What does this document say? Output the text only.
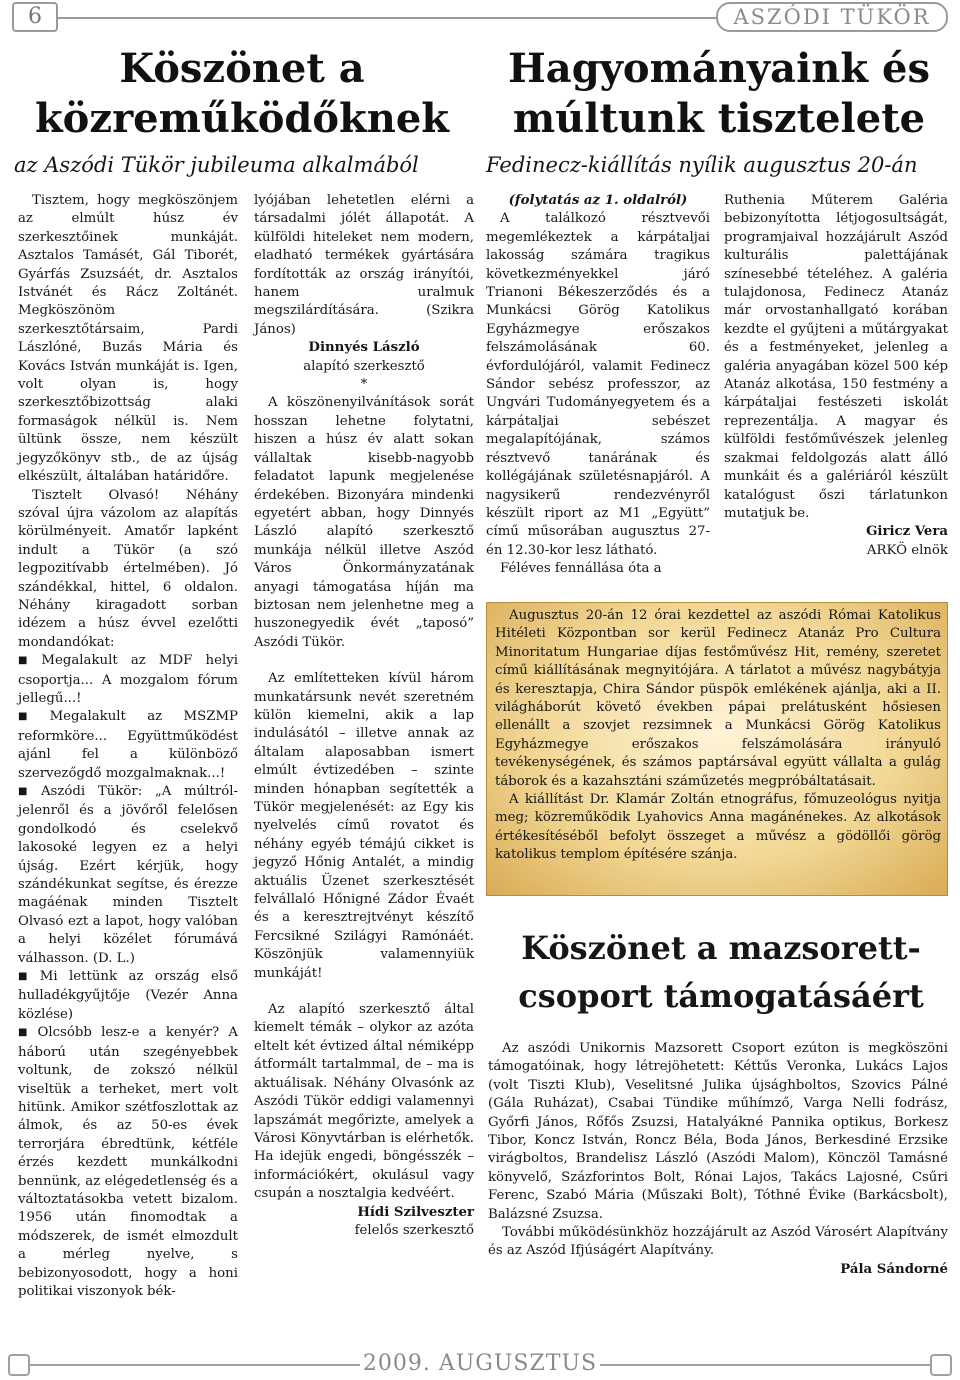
6	ASZÓDI TÜKÖR
Köszönet a közreműködőknek
Hagyományaink és múltunk tisztelete
az Aszódi Tükör jubileuma alkalmából	Fedinecz-kiállítás nyílik augusztus 20-án

Tisztem, hogy megköszönjem az elmúlt húsz év szerkesztőinek munkáját. Asztalos Tamásét, Gál Tiborét, Gyárfás Zsuzsáét, dr. Asztalos Istvánét és Rácz Zoltánét. Megköszönöm szerkesztőtársaim, Pardi Lászlóné, Buzás Mária és Kovács István munkáját is. Igen, volt olyan is, hogy szerkesztőbizottság alaki formaságok nélkül is. Nem ültünk össze, nem készült jegyzőkönyv stb., de az újság elkészült, általában határidőre.

Tisztelt Olvasó! Néhány szóval újra vázolom az alapítás körülményeit. Amatőr lapként indult a Tükör (a szó legpozitívabb értelmében). Jó szándékkal, hittel, 6 oldalon. Néhány kiragadott sorban idézem a húsz évvel ezelőtti mondandókat:

■ Megalakult az MDF helyi csoportja... A mozgalom fórum jellegű...!

■ Megalakult az MSZMP reformköre... Együttműködést ajánl fel a különböző szervezőgdő mozgalmaknak...!

■ Aszódi Tükör: „A múltról-jelenről és a jövőről felelősen gondolkodó és cselekvő lakosoké legyen ez a helyi újság. Ezért kérjük, hogy szándékunkat segítse, és érezze magáénak minden Tisztelt Olvasó ezt a lapot, hogy valóban a helyi közélet fórumává válhasson. (D. L.)

■ Mi lettünk az ország első hulladékgyűjtője (Vezér Anna közlése)

■ Olcsóbb lesz-e a kenyér? A háború után szegényebbek voltunk, de zokszó nélkül viseltük a terheket, mert volt hitünk. Amikor szétfoszlottak az álmok, és az 50-es évek terrorjára ébredtünk, kétféle érzés kezdett munkálkodni bennünk, az elégedetlenség és a változtatásokba vetett bizalom. 1956 után finomodtak a módszerek, de ismét elmozdult a mérleg nyelve, s bebizonyosodott, hogy a honi politikai viszonyok bék-

lyójában lehetetlen elérni a társadalmi jólét állapotát. A külföldi hiteleket nem modern, eladható termékek gyártására fordították az ország irányítói, hanem uralmuk megszilárdítására. (Szikra János)

Dinnyés László

alapító szerkesztő

*

A köszönenyilvánítások sorát hosszan lehetne folytatni, hiszen a húsz év alatt sokan vállaltak kisebb-nagyobb feladatot lapunk megjelenése érdekében. Bizonyára mindenki egyetért abban, hogy Dinnyés László alapító szerkesztő munkája nélkül illetve Aszód Város Önkormányzatának anyagi támogatása híján ma biztosan nem jelenhetne meg a huszonegyedik évét „taposó” Aszódi Tükör.

Az említetteken kívül három munkatársunk nevét szeretném külön kiemelni, akik a lap indulásától – illetve annak az általam alaposabban ismert elmúlt évtizedében – szinte minden hónapban segítették a Tükör megjelenését: az Egy kis nyelvelés című rovatot és néhány egyéb témájú cikket is jegyző Hőnig Antalét, a mindig aktuális Üzenet szerkesztését felvállaló Hőnigné Zádor Évaét és a keresztrejtvényt készítő Fercsikné Szilágyi Ramónáét. Köszönjük valamennyiük munkáját!

Az alapító szerkesztő által kiemelt témák – olykor az azóta eltelt két évtized által némiképp átformált tartalmmal, de – ma is aktuálisak. Néhány Olvasónk az Aszódi Tükör eddigi valamennyi lapszámát megőrizte, amelyek a Városi Könyvtárban is elérhetők. Ha idejük engedi, böngésszék – információkért, okulásul vagy csupán a nosztalgia kedvéért.

Hídi Szilveszter

felelős szerkesztő

(folytatás az 1. oldalról)

A találkozó résztvevői megemlékeztek a kárpátaljai lakosság számára tragikus következményekkel járó Trianoni Békeszerződés és a Munkácsi Görög Katolikus Egyházmegye erőszakos felszámolásának 60. évfordulójáról, valamit Fedinecz Sándor sebész professzor, az Ungvári Tudományegyetem és a kárpátaljai sebészet megalapítójának, számos résztvevő tanárának és kollégájának születésnapjáról. A nagysikerű rendezvényről készült riport az M1 „Együtt” című műsorában augusztus 27-én 12.30-kor lesz látható.

Féléves fennállása óta a

Ruthenia Műterem Galéria bebizonyította létjogosultságát, programjaival hozzájárult Aszód kulturális palettájának színesebbé tételéhez. A galéria tulajdonosa, Fedinecz Atanáz már orvostanhallgató korában kezdte el gyűjteni a műtárgyakat és a festményeket, jelenleg a galéria anyagában közel 500 kép Atanáz alkotása, 150 festmény a kárpátaljai festészeti iskolát reprezentálja. A magyar és külföldi festőművészek jelenleg szakmai feldolgozás alatt álló munkáit és a galériáról készült katalógust őszi tárlatunkon mutatjuk be.

Giricz Vera

ARKÖ elnök

Augusztus 20-án 12 órai kezdettel az aszódi Római Katolikus Hitéleti Központban sor kerül Fedinecz Atanáz Pro Cultura Minoritatum Hungariae díjas festőművész Hit, remény, szeretet című kiállításának megnyitójára. A tárlatot a művész nagybátyja és keresztapja, Chira Sándor püspök emlékének ajánlja, aki a II. világháborút követő években pápai prelátusként hősiesen ellenállt a szovjet rezsimnek a Munkácsi Görög Katolikus Egyházmegye erőszakos felszámolására irányuló tevékenységének, és számos paptársával együtt vállalta a gulág táborok és a kazahsztáni száműzetés megpróbáltatásait.

A kiállítást Dr. Klamár Zoltán etnográfus, főmuzeológus nyitja meg; közreműködik Lyahovics Anna magánénekes. Az alkotások értékesítéséből befolyt összeget a művész a gödöllői görög katolikus templom építésére szánja.

Köszönet a mazsorett-csoport támogatásáért

Az aszódi Unikornis Mazsorett Csoport ezúton is megköszöni támogatóinak, hogy létrejöhetett: Kéttűs Veronka, Lukács Lajos (volt Tiszti Klub), Veselitsné Julika újsághboltos, Szovics Pálné (Gála Ruházat), Csabai Tündike műhímző, Varga Nelli fodrász, Győrfi János, Rőfős Zsuzsi, Hatalyákné Pannika optikus, Borkesz Tibor, Koncz István, Roncz Béla, Boda János, Berkesdiné Erzsike virágboltos, Brandelisz László (Aszódi Malom), Könczöl Tamásné könyvelő, Százforintos Bolt, Rónai Lajos, Takács Lajosné, Csűri Ferenc, Szabó Mária (Műszaki Bolt), Tóthné Évike (Barkácsbolt), Balázsné Zsuzsa.

További működésünkhöz hozzájárult az Aszód Városért Alapítvány és az Aszód Ifjúságért Alapítvány.

Pála Sándorné

2009. AUGUSZTUS
